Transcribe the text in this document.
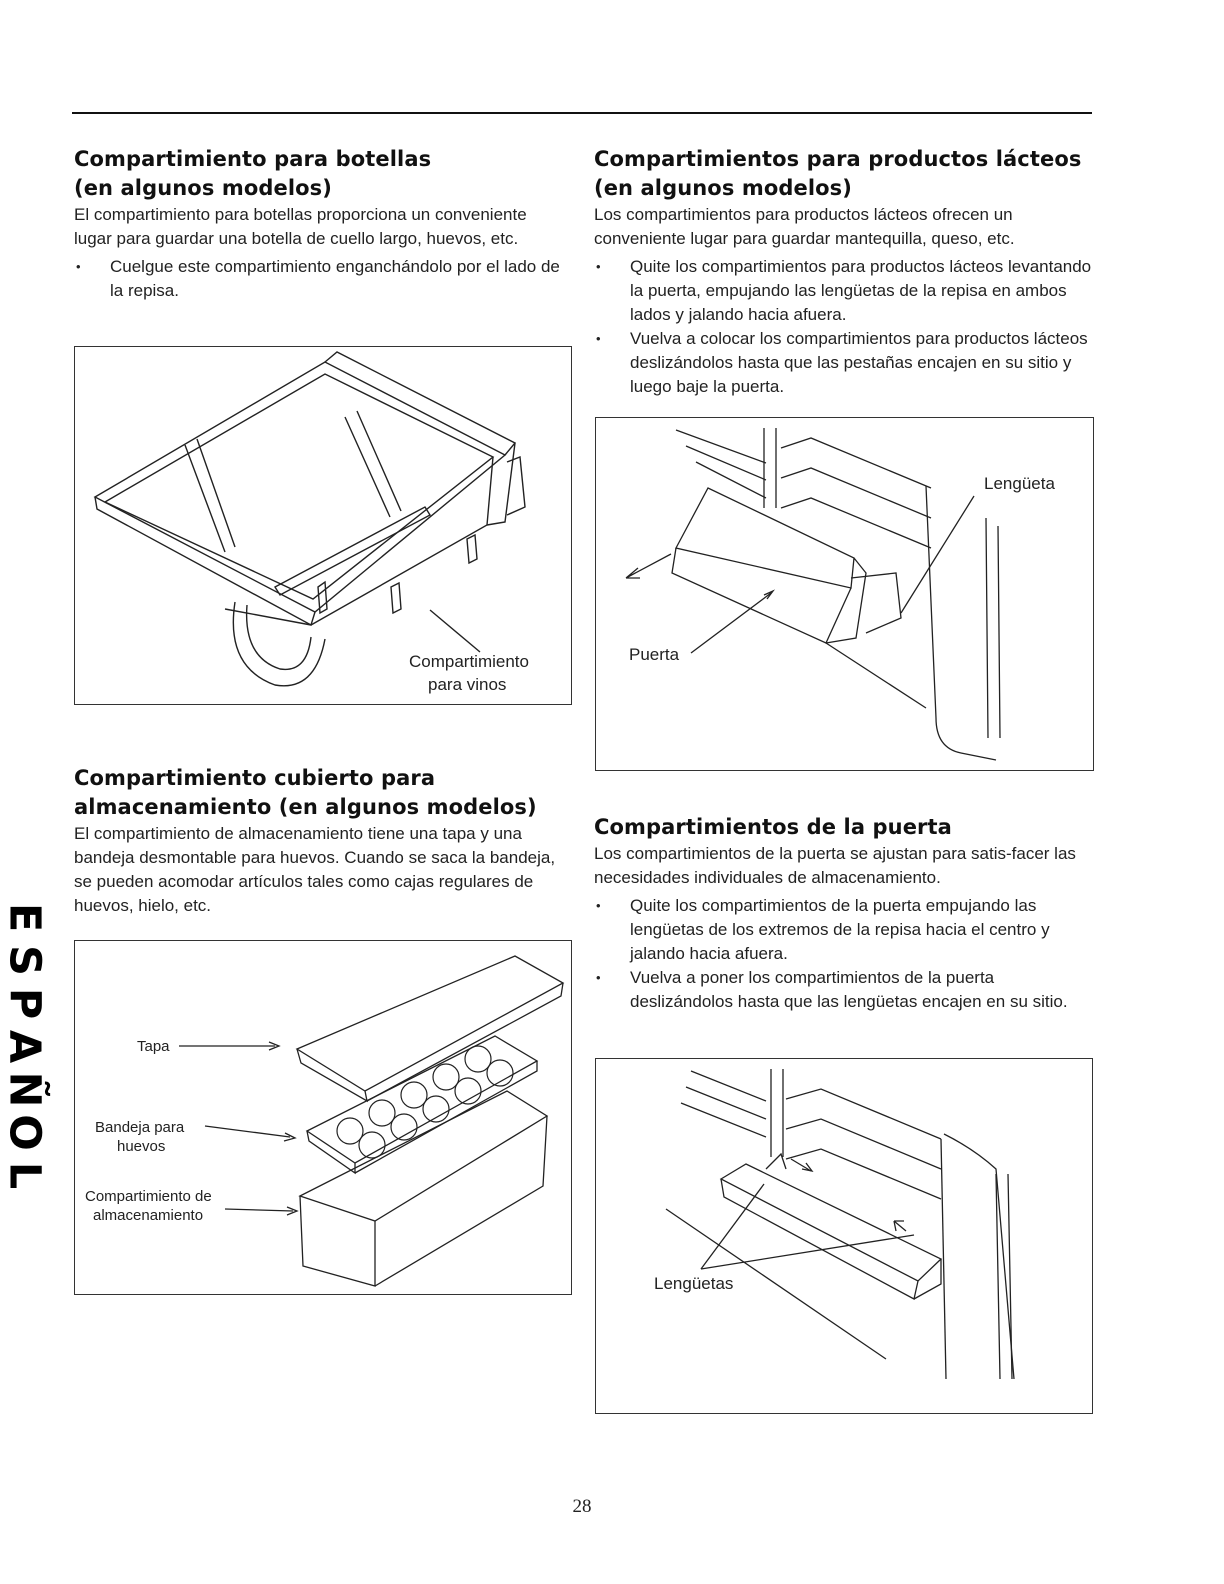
E
S
P
A
Ñ
O
L
Compartimiento para botellas
(en algunos modelos)

El compartimiento para botellas proporciona un conveniente lugar para guardar una botella de cuello largo, huevos, etc.

• Cuelgue este compartimiento enganchándolo por el lado de la repisa.
Compartimiento
para vinos
Compartimiento cubierto para
almacenamiento (en algunos modelos)

El compartimiento de almacenamiento tiene una tapa y una bandeja desmontable para huevos. Cuando se saca la bandeja, se pueden acomodar artículos tales como cajas regulares de huevos, hielo, etc.

Tapa
Bandeja para
huevos
Compartimiento de
almacenamiento
Compartimientos para productos lácteos
(en algunos modelos)

Los compartimientos para productos lácteos ofrecen un conveniente lugar para guardar mantequilla, queso, etc.

• Quite los compartimientos para productos lácteos levantando la puerta, empujando las lengüetas de la repisa en ambos lados y jalando hacia afuera.
• Vuelva a colocar los compartimientos para productos lácteos deslizándolos hasta que las pestañas encajen en su sitio y luego baje la puerta.
Lengüeta
Puerta
Compartimientos de la puerta

Los compartimientos de la puerta se ajustan para satis-facer las necesidades individuales de almacenamiento.

• Quite los compartimientos de la puerta empujando las lengüetas de los extremos de la repisa hacia el centro y jalando hacia afuera.
• Vuelva a poner los compartimientos de la puerta deslizándolos hasta que las lengüetas encajen en su sitio.
Lengüetas
28
